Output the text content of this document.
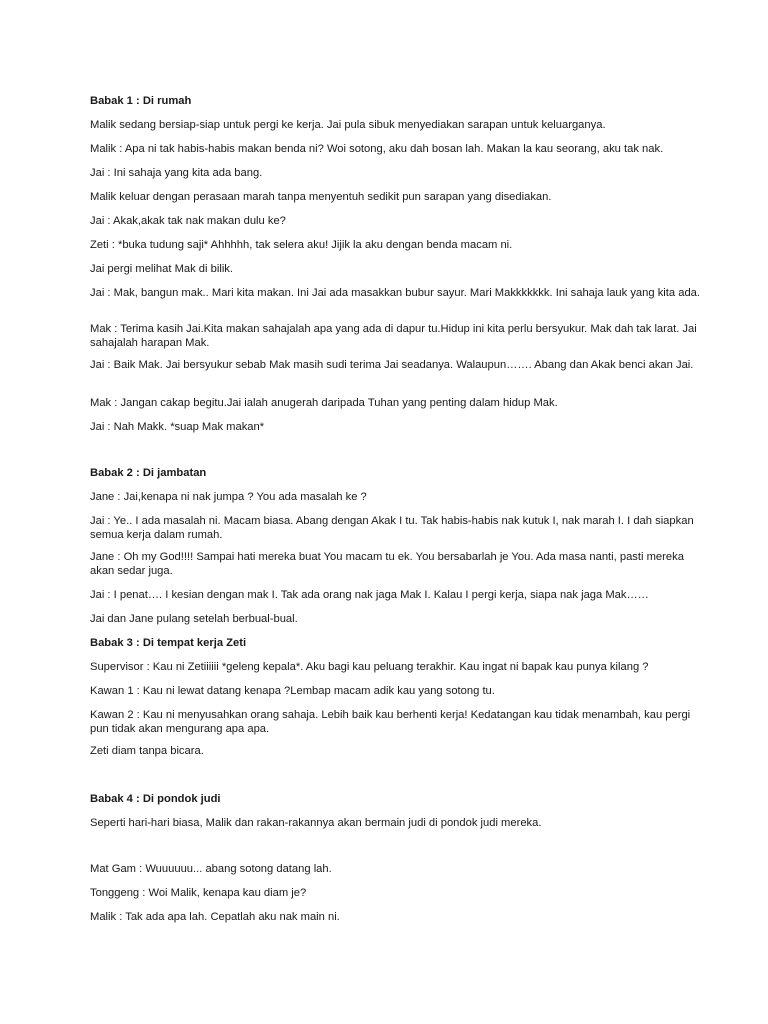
Babak 1 : Di rumah

Malik sedang bersiap-siap untuk pergi ke kerja. Jai pula sibuk menyediakan sarapan untuk keluarganya.

Malik : Apa ni tak habis-habis makan benda ni? Woi sotong, aku dah bosan lah. Makan la kau seorang, aku tak nak.

Jai : Ini sahaja yang kita ada bang.

Malik keluar dengan perasaan marah tanpa menyentuh sedikit pun sarapan yang disediakan.

Jai : Akak,akak tak nak makan dulu ke?

Zeti : *buka tudung saji* Ahhhhh, tak selera aku! Jijik la aku dengan benda macam ni.

Jai pergi melihat Mak di bilik.

Jai : Mak, bangun mak.. Mari kita makan. Ini Jai ada masakkan bubur sayur. Mari Makkkkkkk. Ini sahaja lauk yang kita ada.

Mak : Terima kasih Jai.Kita makan sahajalah apa yang ada di dapur tu.Hidup ini kita perlu bersyukur. Mak dah tak larat. Jai sahajalah harapan Mak.

Jai : Baik Mak. Jai bersyukur sebab Mak masih sudi terima Jai seadanya. Walaupun……. Abang dan Akak benci akan Jai.

Mak : Jangan cakap begitu.Jai ialah anugerah daripada Tuhan yang penting dalam hidup Mak.

Jai : Nah Makk. *suap Mak makan*

Babak 2 : Di jambatan

Jane : Jai,kenapa ni nak jumpa ? You ada masalah ke ?

Jai : Ye.. I ada masalah ni. Macam biasa. Abang dengan Akak I tu. Tak habis-habis nak kutuk I, nak marah I. I dah siapkan semua kerja dalam rumah.

Jane : Oh my God!!!! Sampai hati mereka buat You macam tu ek. You bersabarlah je You. Ada masa nanti, pasti mereka akan sedar juga.

Jai : I penat…. I kesian dengan mak I. Tak ada orang nak jaga Mak I. Kalau I pergi kerja, siapa nak jaga Mak……

Jai dan Jane pulang setelah berbual-bual.

Babak 3 : Di tempat kerja Zeti

Supervisor : Kau ni Zetiiiiii *geleng kepala*. Aku bagi kau peluang terakhir. Kau ingat ni bapak kau punya kilang ?

Kawan 1 : Kau ni lewat datang kenapa ?Lembap macam adik kau yang sotong tu.

Kawan 2 : Kau ni menyusahkan orang sahaja. Lebih baik kau berhenti kerja! Kedatangan kau tidak menambah, kau pergi pun tidak akan mengurang apa apa.

Zeti diam tanpa bicara.

Babak 4 : Di pondok judi

Seperti hari-hari biasa, Malik dan rakan-rakannya akan bermain judi di pondok judi mereka.

Mat Gam : Wuuuuuu... abang sotong datang lah.

Tonggeng : Woi Malik, kenapa kau diam je?

Malik : Tak ada apa lah. Cepatlah aku nak main ni.
